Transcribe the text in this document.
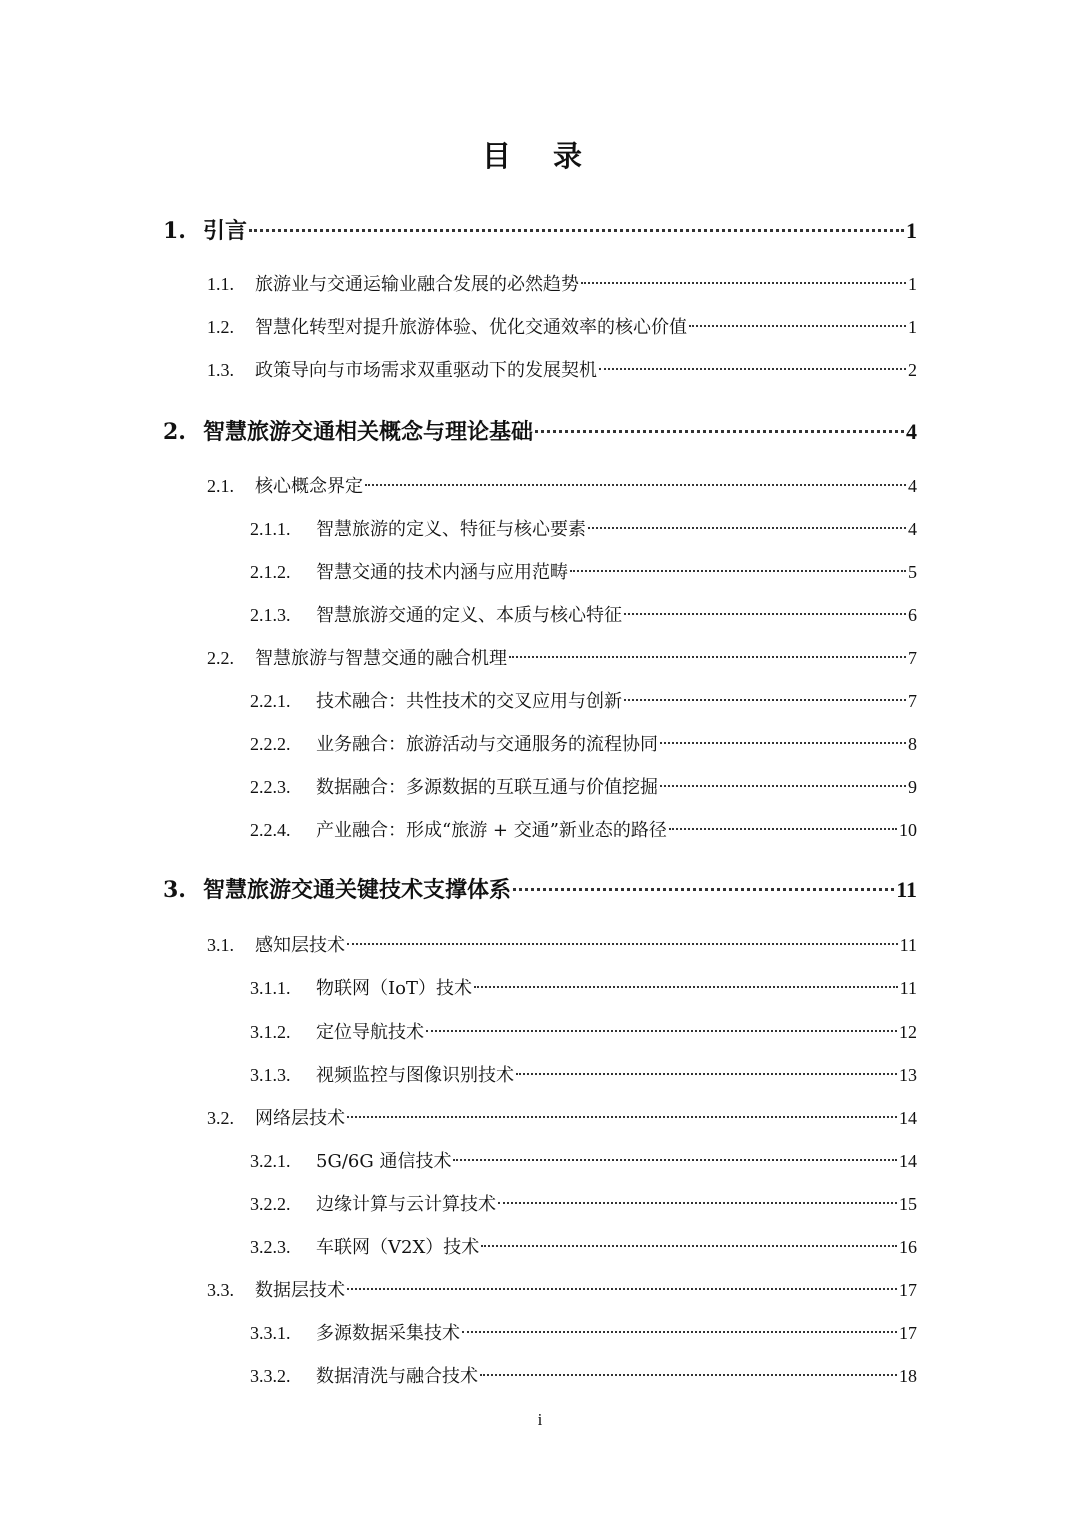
目 录
1. 引言	1
1.1.	旅游业与交通运输业融合发展的必然趋势	1
1.2.	智慧化转型对提升旅游体验、优化交通效率的核心价值	1
1.3.	政策导向与市场需求双重驱动下的发展契机	2
2. 智慧旅游交通相关概念与理论基础	4
2.1.	核心概念界定	4
2.1.1.	智慧旅游的定义、特征与核心要素	4
2.1.2.	智慧交通的技术内涵与应用范畴	5
2.1.3.	智慧旅游交通的定义、本质与核心特征	6
2.2.	智慧旅游与智慧交通的融合机理	7
2.2.1.	技术融合：共性技术的交叉应用与创新	7
2.2.2.	业务融合：旅游活动与交通服务的流程协同	8
2.2.3.	数据融合：多源数据的互联互通与价值挖掘	9
2.2.4.	产业融合：形成“旅游 + 交通”新业态的路径	10
3. 智慧旅游交通关键技术支撑体系	11
3.1.	感知层技术	11
3.1.1.	物联网（IoT）技术	11
3.1.2.	定位导航技术	12
3.1.3.	视频监控与图像识别技术	13
3.2.	网络层技术	14
3.2.1.	5G/6G 通信技术	14
3.2.2.	边缘计算与云计算技术	15
3.2.3.	车联网（V2X）技术	16
3.3.	数据层技术	17
3.3.1.	多源数据采集技术	17
3.3.2.	数据清洗与融合技术	18
i
